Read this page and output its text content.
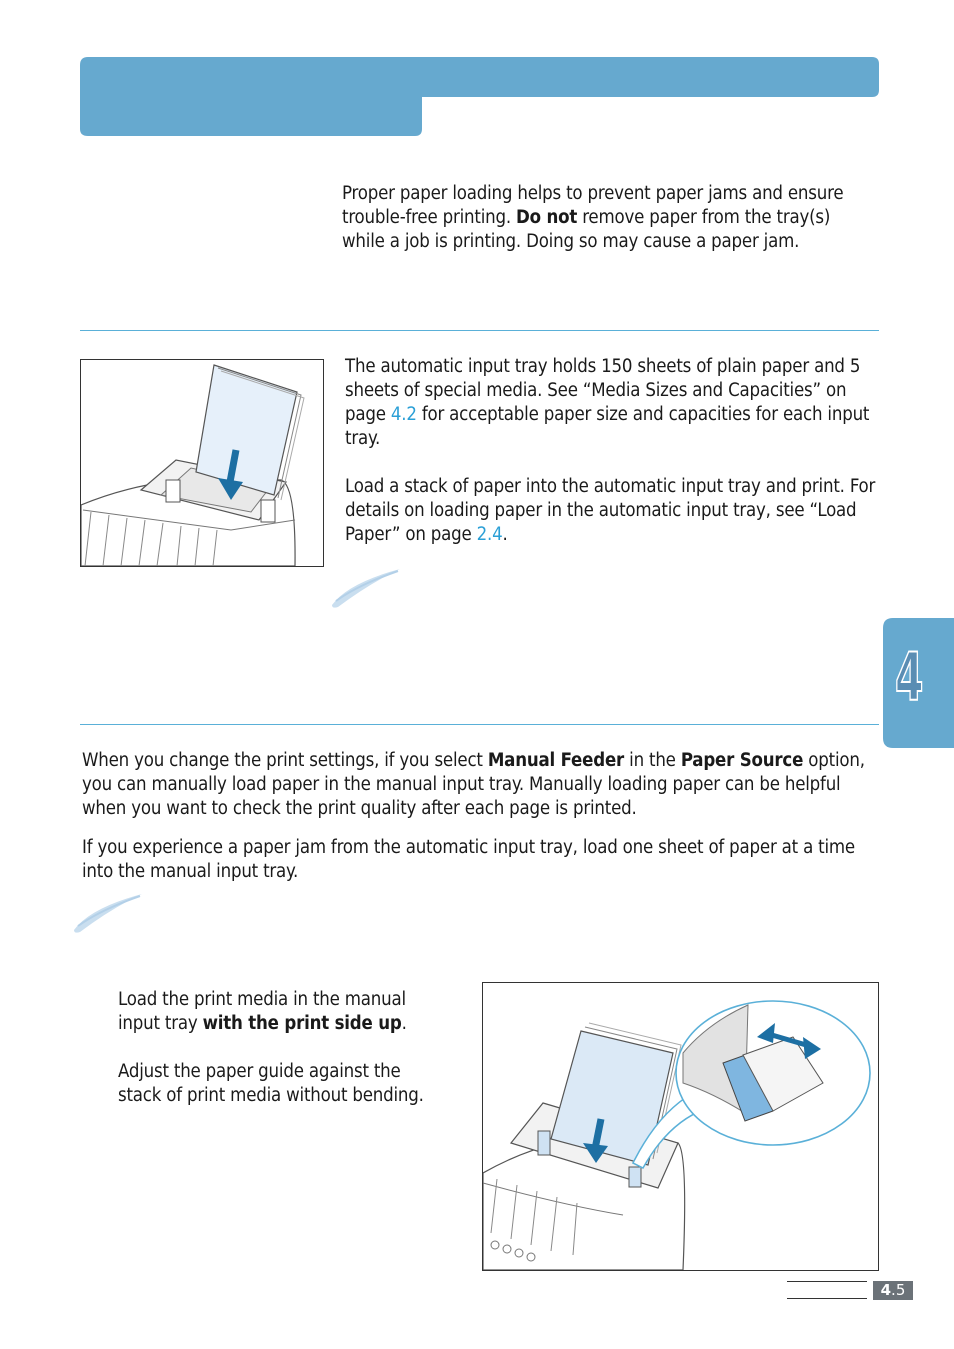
Proper paper loading helps to prevent paper jams and ensure trouble-free printing. Do not remove paper from the tray(s) while a job is printing. Doing so may cause a paper jam.

The automatic input tray holds 150 sheets of plain paper and 5 sheets of special media. See “Media Sizes and Capacities” on page 4.2 for acceptable paper size and capacities for each input tray.

Load a stack of paper into the automatic input tray and print. For details on loading paper in the automatic input tray, see “Load Paper” on page 2.4.

4

When you change the print settings, if you select Manual Feeder in the Paper Source option, you can manually load paper in the manual input tray. Manually loading paper can be helpful when you want to check the print quality after each page is printed.

If you experience a paper jam from the automatic input tray, load one sheet of paper at a time into the manual input tray.

Load the print media in the manual input tray with the print side up.

Adjust the paper guide against the stack of print media without bending.

4.5
